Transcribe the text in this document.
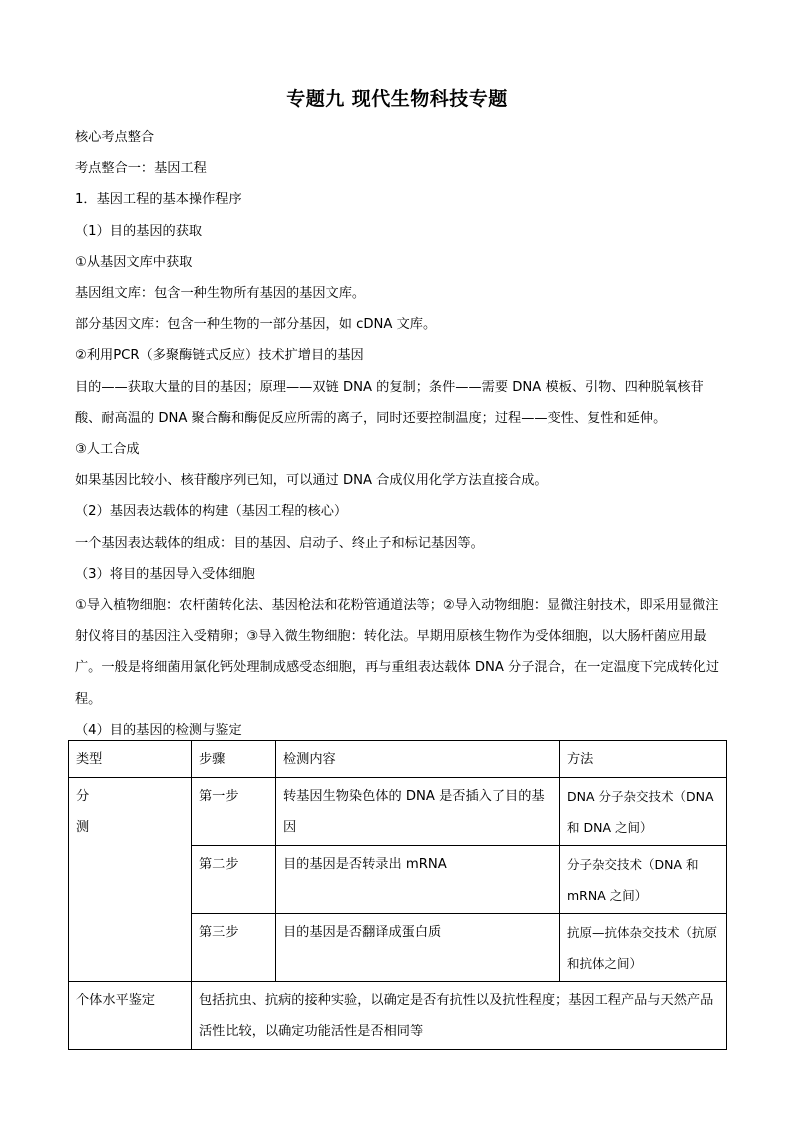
专题九 现代生物科技专题

核心考点整合

考点整合一：基因工程

1．基因工程的基本操作程序

（1）目的基因的获取

①从基因文库中获取

基因组文库：包含一种生物所有基因的基因文库。

部分基因文库：包含一种生物的一部分基因，如 cDNA 文库。

②利用PCR（多聚酶链式反应）技术扩增目的基因

目的——获取大量的目的基因；原理——双链 DNA 的复制；条件——需要 DNA 模板、引物、四种脱氧核苷酸、耐高温的 DNA 聚合酶和酶促反应所需的离子，同时还要控制温度；过程——变性、复性和延伸。

③人工合成

如果基因比较小、核苷酸序列已知，可以通过 DNA 合成仪用化学方法直接合成。

（2）基因表达载体的构建（基因工程的核心）

一个基因表达载体的组成：目的基因、启动子、终止子和标记基因等。

（3）将目的基因导入受体细胞

①导入植物细胞：农杆菌转化法、基因枪法和花粉管通道法等；②导入动物细胞：显微注射技术，即采用显微注射仪将目的基因注入受精卵；③导入微生物细胞：转化法。早期用原核生物作为受体细胞，以大肠杆菌应用最广。一般是将细菌用氯化钙处理制成感受态细胞，再与重组表达载体 DNA 分子混合，在一定温度下完成转化过程。

（4）目的基因的检测与鉴定

类型	步骤	检测内容	方法
分
测	第一步	转基因生物染色体的 DNA 是否插入了目的基因	DNA 分子杂交技术（DNA 和 DNA 之间）
	第二步	目的基因是否转录出 mRNA	分子杂交技术（DNA 和 mRNA 之间）
	第三步	目的基因是否翻译成蛋白质	抗原—抗体杂交技术（抗原和抗体之间）
个体水平鉴定	包括抗虫、抗病的接种实验，以确定是否有抗性以及抗性程度；基因工程产品与天然产品活性比较，以确定功能活性是否相同等		
